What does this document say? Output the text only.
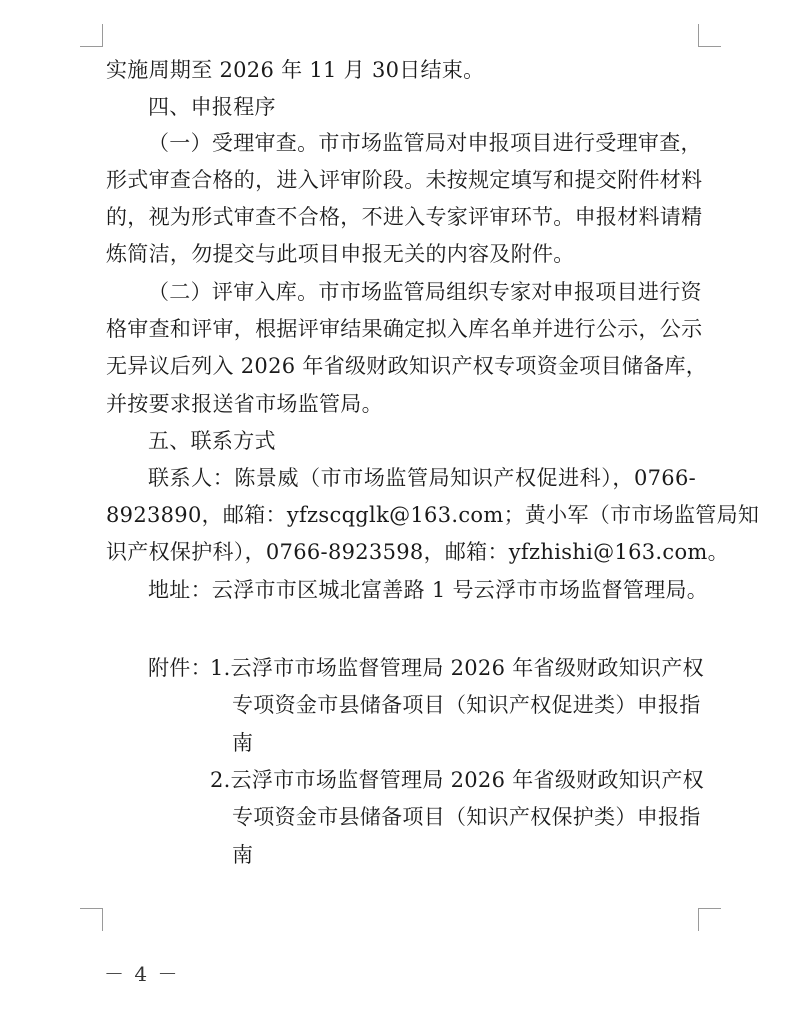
实施周期至 2026 年 11 月 30日结束。
四、申报程序
（一）受理审查。市市场监管局对申报项目进行受理审查，
形式审查合格的，进入评审阶段。未按规定填写和提交附件材料
的，视为形式审查不合格，不进入专家评审环节。申报材料请精
炼简洁，勿提交与此项目申报无关的内容及附件。
（二）评审入库。市市场监管局组织专家对申报项目进行资
格审查和评审，根据评审结果确定拟入库名单并进行公示，公示
无异议后列入 2026 年省级财政知识产权专项资金项目储备库，
并按要求报送省市场监管局。
五、联系方式
联系人：陈景威（市市场监管局知识产权促进科），0766-
8923890，邮箱：yfzscqglk@163.com；黄小军（市市场监管局知
识产权保护科），0766-8923598，邮箱：yfzhishi@163.com。
地址：云浮市市区城北富善路 1 号云浮市市场监督管理局。
附件：
1.云浮市市场监督管理局 2026 年省级财政知识产权
专项资金市县储备项目（知识产权促进类）申报指
南
2.云浮市市场监督管理局 2026 年省级财政知识产权
专项资金市县储备项目（知识产权保护类）申报指
南
－ 4 －
